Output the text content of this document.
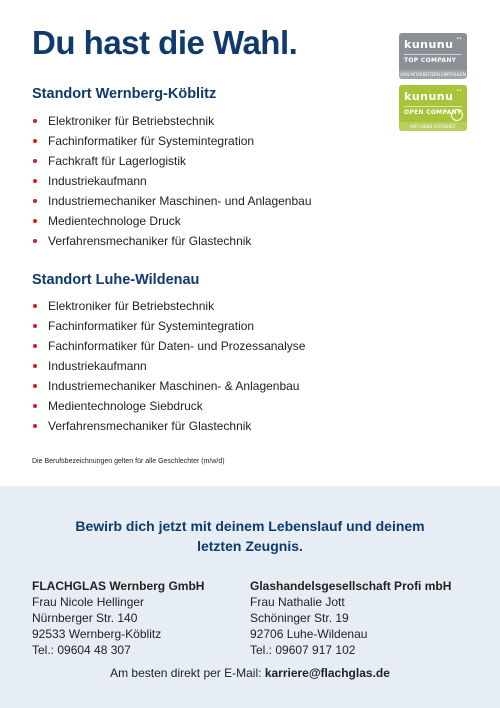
Du hast die Wahl.	••
kununu
TOP COMPANY
VON MITARBEITERN EMPFOHLEN
••
kununu
OPEN COMPANY
WIR LEBEN OFFENHEIT
Standort Wernberg-Köblitz
Elektroniker für Betriebstechnik
Fachinformatiker für Systemintegration
Fachkraft für Lagerlogistik
Industriekaufmann
Industriemechaniker Maschinen- und Anlagenbau
Medientechnologe Druck
Verfahrensmechaniker für Glastechnik
Standort Luhe-Wildenau
Elektroniker für Betriebstechnik
Fachinformatiker für Systemintegration
Fachinformatiker für Daten- und Prozessanalyse
Industriekaufmann
Industriemechaniker Maschinen- & Anlagenbau
Medientechnologe Siebdruck
Verfahrensmechaniker für Glastechnik

Die Berufsbezeichnungen gelten für alle Geschlechter (m/w/d)

Bewirb dich jetzt mit deinem Lebenslauf und deinem
letzten Zeugnis.
FLACHGLAS Wernberg GmbH
Frau Nicole Hellinger
Nürnberger Str. 140
92533 Wernberg-Köblitz
Tel.: 09604 48 307
Glashandelsgesellschaft Profi mbH
Frau Nathalie Jott
Schöninger Str. 19
92706 Luhe-Wildenau
Tel.: 09607 917 102

Am besten direkt per E-Mail: karriere@flachglas.de
